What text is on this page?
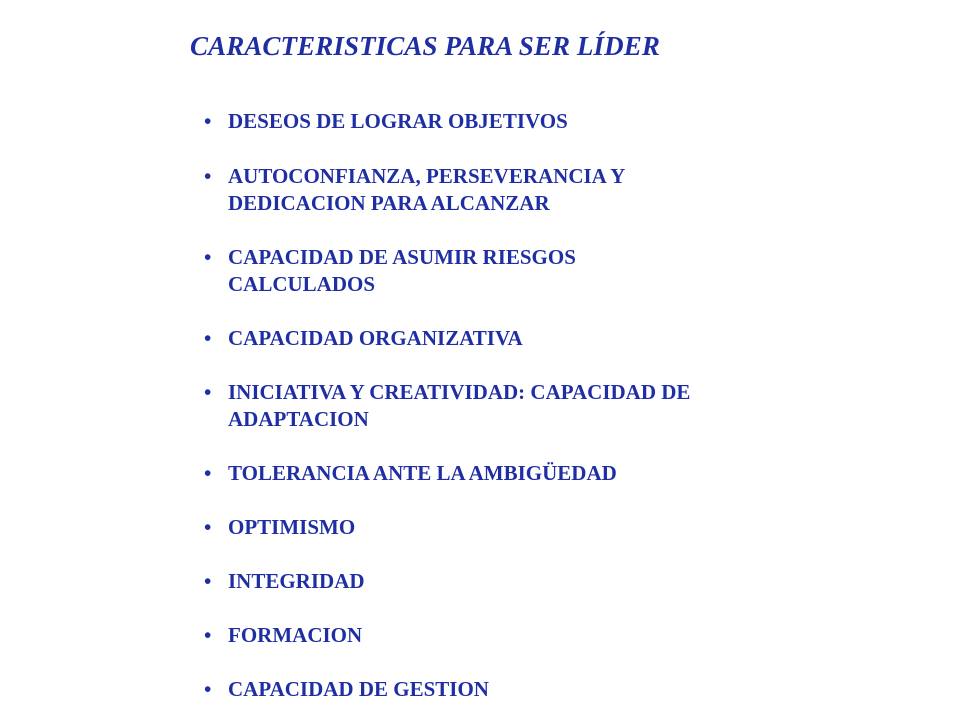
CARACTERISTICAS PARA SER LÍDER
• DESEOS DE LOGRAR OBJETIVOS
• AUTOCONFIANZA, PERSEVERANCIA Y
DEDICACION PARA ALCANZAR
• CAPACIDAD DE ASUMIR RIESGOS
CALCULADOS
• CAPACIDAD ORGANIZATIVA
• INICIATIVA Y CREATIVIDAD: CAPACIDAD DE
ADAPTACION
• TOLERANCIA ANTE LA AMBIGÜEDAD
• OPTIMISMO
• INTEGRIDAD
• FORMACION
• CAPACIDAD DE GESTION
